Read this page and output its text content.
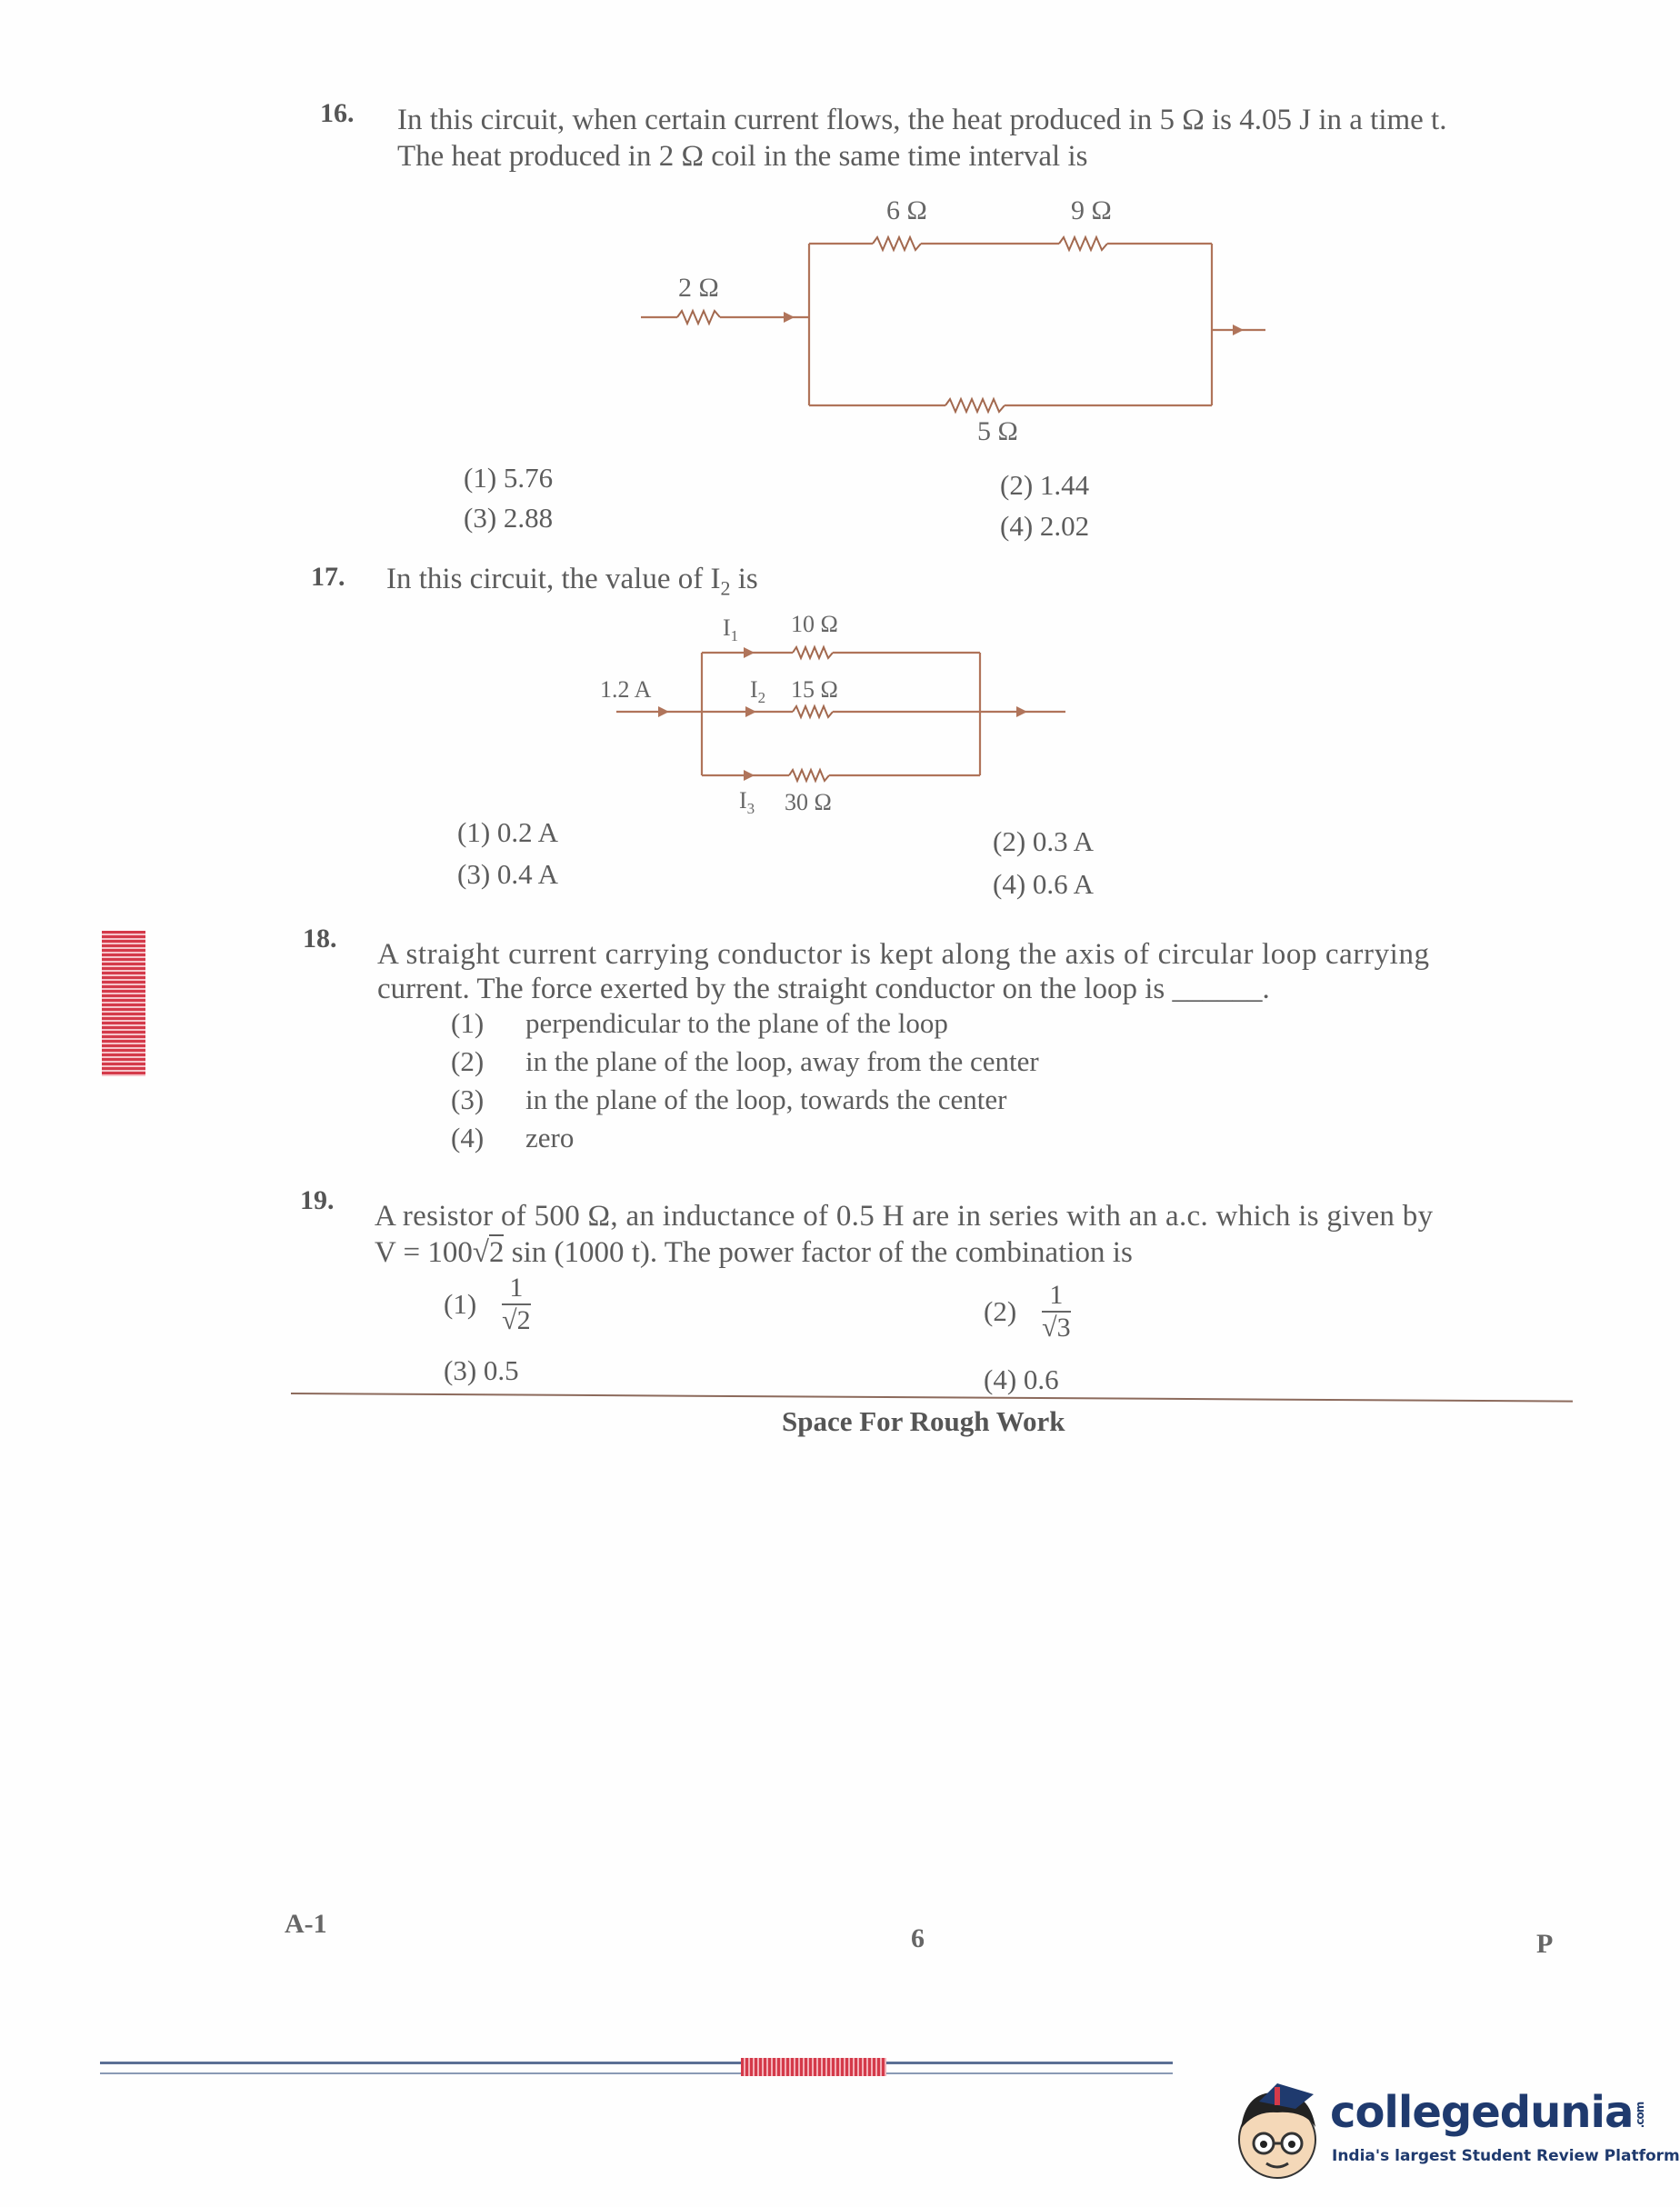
16. In this circuit, when certain current flows, the heat produced in 5 Ω is 4.05 J in a time t.
The heat produced in 2 Ω coil in the same time interval is
6 Ω	9 Ω
2 Ω
5 Ω
(1) 5.76	(2) 1.44
(3) 2.88	(4) 2.02
17. In this circuit, the value of $I_2$ is
$I_1$ 10 Ω
1.2 A	$I_2$ 15 Ω
$I_3$ 30 Ω
(1) 0.2 A	(2) 0.3 A
(3) 0.4 A	(4) 0.6 A
18. A straight current carrying conductor is kept along the axis of circular loop carrying
current. The force exerted by the straight conductor on the loop is ______.
(1) perpendicular to the plane of the loop
(2) in the plane of the loop, away from the center
(3) in the plane of the loop, towards the center
(4) zero
19. A resistor of 500 Ω, an inductance of 0.5 H are in series with an a.c. which is given by
V = 100√2 sin (1000 t). The power factor of the combination is
$(1) \frac{1}{√2}$	$(2) \frac{1}{√3}$
(3) 0.5	(4) 0.6
Space For Rough Work
A-1	6	P
collegedunia.com
India's largest Student Review Platform
